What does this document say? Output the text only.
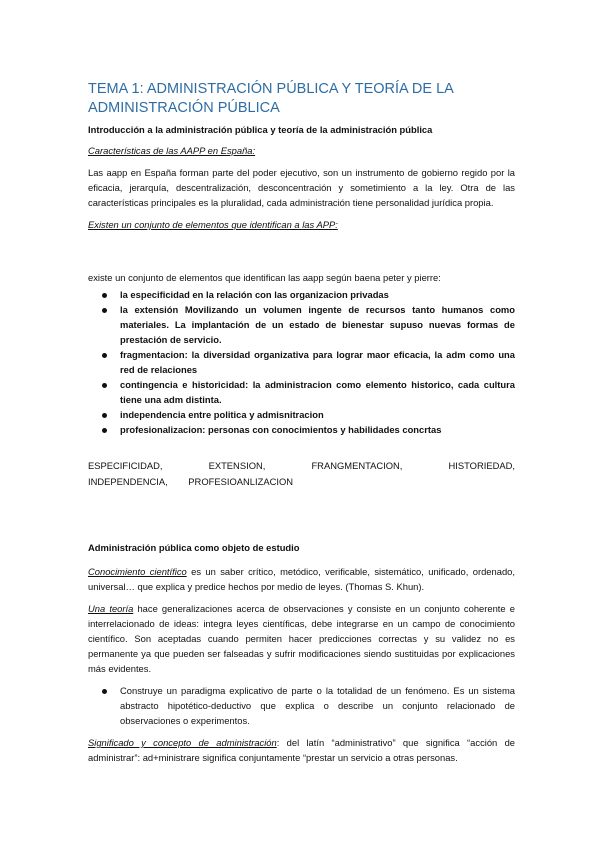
TEMA 1: ADMINISTRACIÓN PÚBLICA Y TEORÍA DE LA ADMINISTRACIÓN PÚBLICA
Introducción a la administración pública y teoría de la administración pública
Características de las AAPP en España:

Las aapp en España forman parte del poder ejecutivo, son un instrumento de gobierno regido por la eficacia, jerarquía, descentralización, desconcentración y sometimiento a la ley. Otra de las características principales es la pluralidad, cada administración tiene personalidad jurídica propia.

Existen un conjunto de elementos que identifican a las APP:
existe un conjunto de elementos que identifican las aapp según baena peter y pierre:
la especificidad en la relación con las organizacion privadas
la extensión Movilizando un volumen ingente de recursos tanto humanos como materiales. La implantación de un estado de bienestar supuso nuevas formas de prestación de servicio.
fragmentacion: la diversidad organizativa para lograr maor eficacia, la adm como una red de relaciones
contingencia e historicidad: la administracion como elemento historico, cada cultura tiene una adm distinta.
independencia entre politica y admisnitracion
profesionalizacion: personas con conocimientos y habilidades concrtas

ESPECIFICIDAD, EXTENSION, FRANGMENTACION, HISTORIEDAD, INDEPENDENCIA, PROFESIOANLIZACION

Administración pública como objeto de estudio

Conocimiento científico es un saber crítico, metódico, verificable, sistemático, unificado, ordenado, universal… que explica y predice hechos por medio de leyes. (Thomas S. Khun).

Una teoría hace generalizaciones acerca de observaciones y consiste en un conjunto coherente e interrelacionado de ideas: integra leyes científicas, debe integrarse en un campo de conocimiento científico. Son aceptadas cuando permiten hacer predicciones correctas y su validez no es permanente ya que pueden ser falseadas y sufrir modificaciones siendo sustituidas por explicaciones más evidentes.

Construye un paradigma explicativo de parte o la totalidad de un fenómeno. Es un sistema abstracto hipotético-deductivo que explica o describe un conjunto relacionado de observaciones o experimentos.

Significado y concepto de administración: del latín “administrativo” que significa “acción de administrar”: ad+ministrare significa conjuntamente “prestar un servicio a otras personas.
